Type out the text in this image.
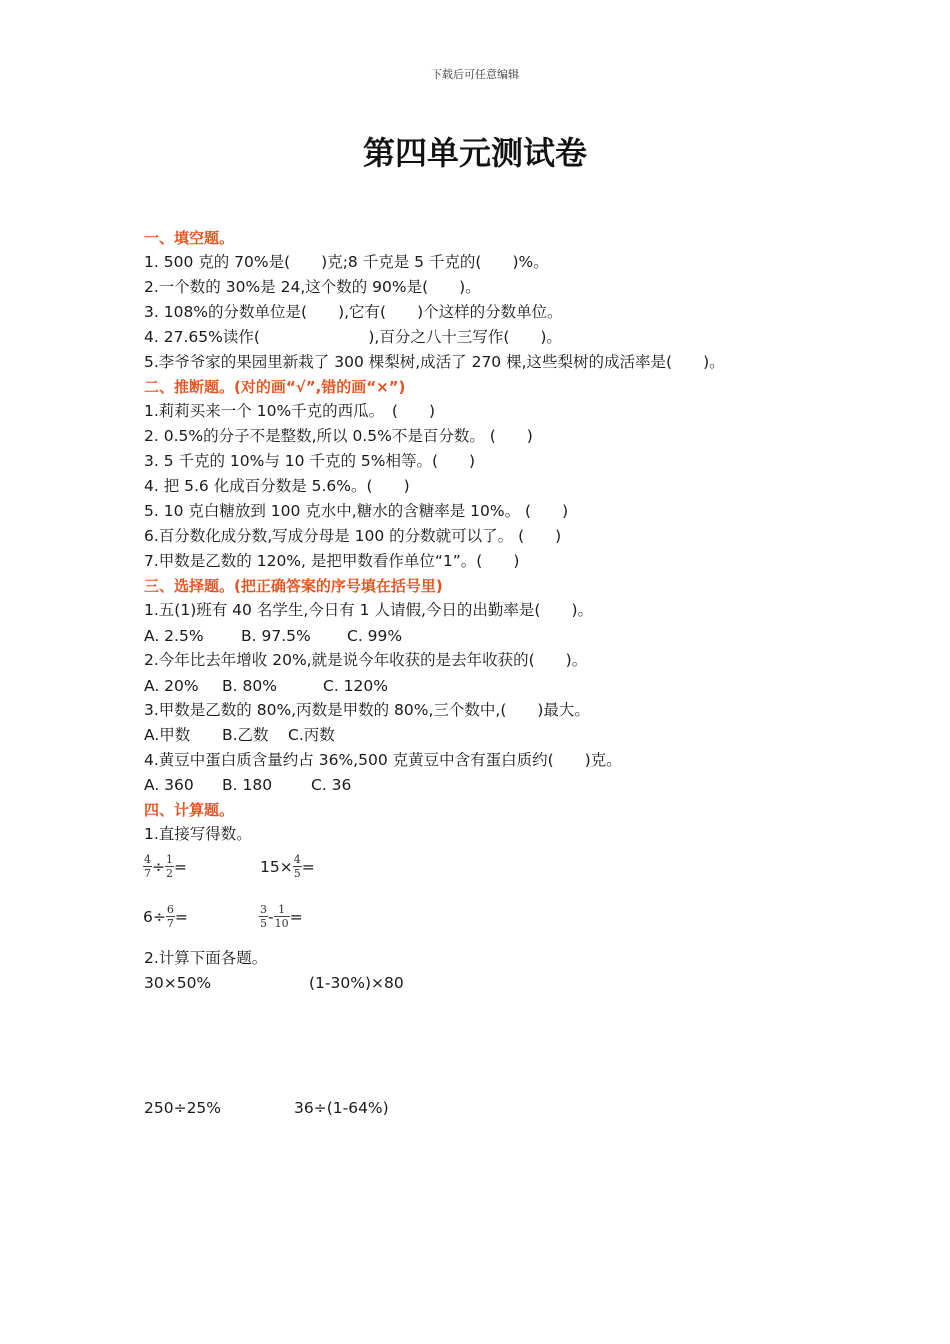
下载后可任意编辑
第四单元测试卷
一、填空题。
1. 500 克的 70%是(　　)克;8 千克是 5 千克的(　　)%。
2.一个数的 30%是 24,这个数的 90%是(　　)。
3. 108%的分数单位是(　　),它有(　　)个这样的分数单位。
4. 27.65%读作(　　　　　　　),百分之八十三写作(　　)。
5.李爷爷家的果园里新栽了 300 棵梨树,成活了 270 棵,这些梨树的成活率是(　　)。
二、推断题。(对的画“√”,错的画“×”)
1.莉莉买来一个 10%千克的西瓜。　(　　)
2. 0.5%的分子不是整数,所以 0.5%不是百分数。 (　　)
3. 5 千克的 10%与 10 千克的 5%相等。(　　)
4. 把 5.6 化成百分数是 5.6%。(　　)
5. 10 克白糖放到 100 克水中,糖水的含糖率是 10%。 (　　)
6.百分数化成分数,写成分母是 100 的分数就可以了。 (　　)
7.甲数是乙数的 120%, 是把甲数看作单位“1”。(　　)
三、选择题。(把正确答案的序号填在括号里)
1.五(1)班有 40 名学生,今日有 1 人请假,今日的出勤率是(　　)。
A. 2.5% B. 97.5% C. 99%
2.今年比去年增收 20%,就是说今年收获的是去年收获的(　　)。
A. 20% B. 80%	C. 120%
3.甲数是乙数的 80%,丙数是甲数的 80%,三个数中,(　　)最大。
A.甲数 B.乙数 C.丙数
4.黄豆中蛋白质含量约占 36%,500 克黄豆中含有蛋白质约(　　)克。
A. 360 B. 180	C. 36
四、计算题。
1.直接写得数。
$\frac{4}{7} \div \frac{1}{2}$ =	$15\times \frac{4}{5}$ =
$6\div \frac{6}{7}$ =	$\frac{3}{5} - \frac{1}{10}$ =
2.计算下面各题。
30×50%	(1-30%)×80
250÷25%	36÷(1-64%)
